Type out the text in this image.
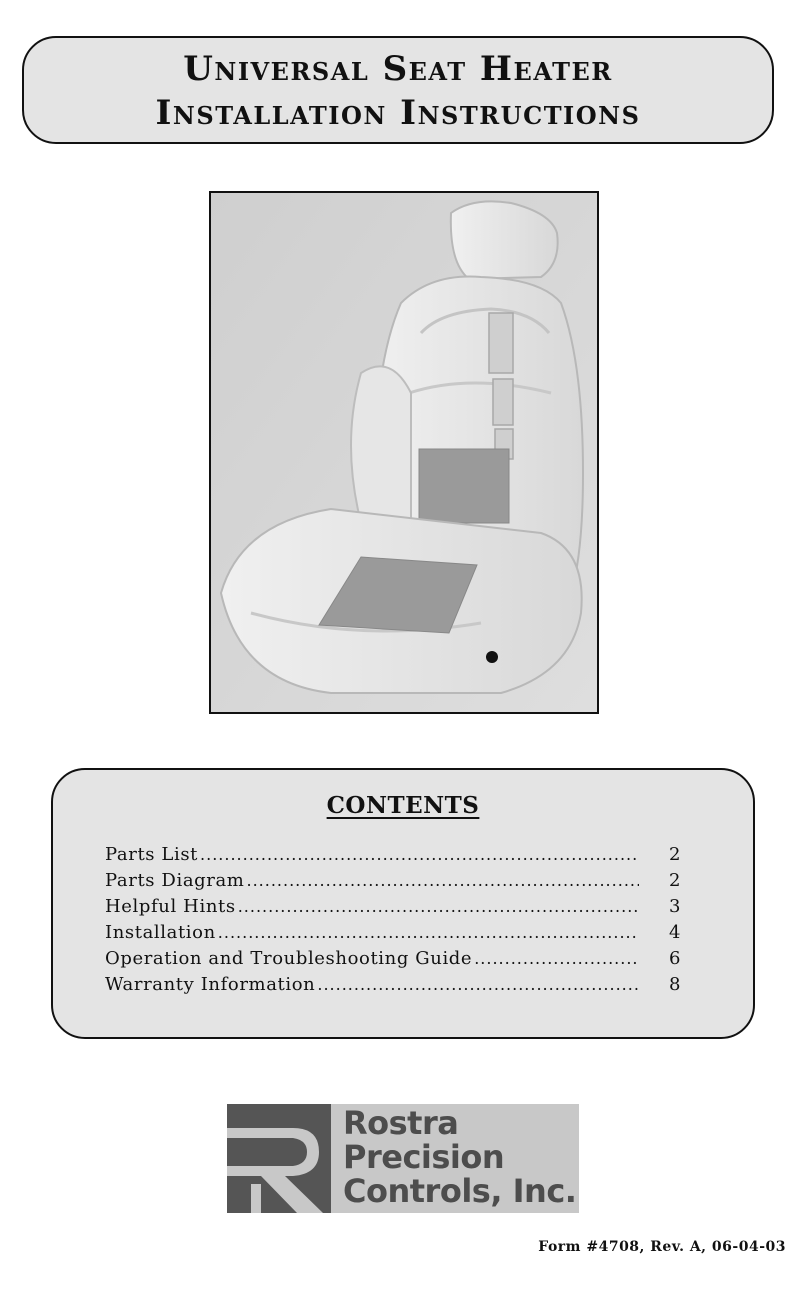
Universal Seat Heater
Installation Instructions
CONTENTS
Parts List .....	2
Parts Diagram .....	2
Helpful Hints .....	3
Installation .....	4
Operation and Troubleshooting Guide .....	6
Warranty Information .....	8
Rostra
Precision
Controls, Inc.
Form #4708, Rev. A, 06-04-03
